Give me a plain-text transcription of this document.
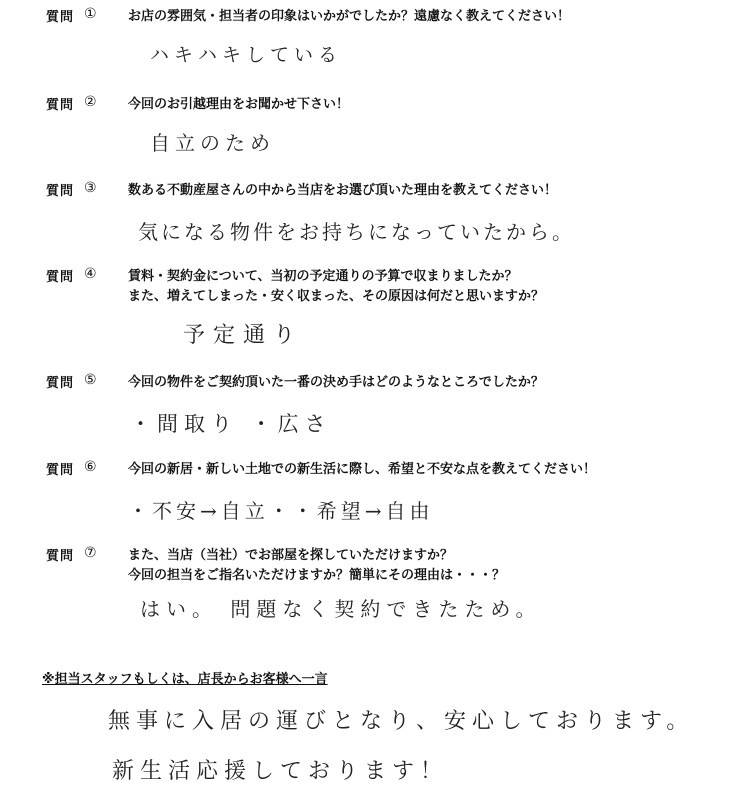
質問 ① お店の雰囲気・担当者の印象はいかがでしたか？遠慮なく教えてください！
ハキハキしている
質問 ② 今回のお引越理由をお聞かせ下さい！
自立のため
質問 ③ 数ある不動産屋さんの中から当店をお選び頂いた理由を教えてください！
気になる物件をお持ちになっていたから。
質問 ④ 賃料・契約金について、当初の予定通りの予算で収まりましたか？
また、増えてしまった・安く収まった、その原因は何だと思いますか？
予定通り
質問 ⑤ 今回の物件をご契約頂いた一番の決め手はどのようなところでしたか？
・間取り ・広さ
質問 ⑥ 今回の新居・新しい土地での新生活に際し、希望と不安な点を教えてください！
・不安→自立・・希望→自由
質問 ⑦ また、当店（当社）でお部屋を探していただけますか？
今回の担当をご指名いただけますか？簡単にその理由は・・・？
はい。 問題なく契約できたため。
※担当スタッフもしくは、店長からお客様へ一言
無事に入居の運びとなり、安心しております。
新生活応援しております！
